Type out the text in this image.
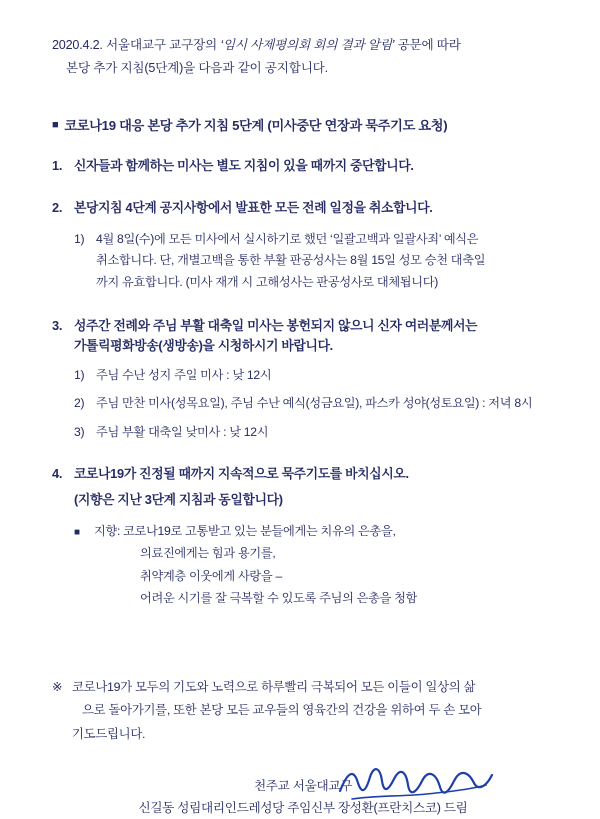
2020.4.2. 서울대교구 교구장의 ‘임시 사제평의회 회의 결과 알림’ 공문에 따라
본당 추가 지침(5단계)을 다음과 같이 공지합니다.
■ 코로나19 대응 본당 추가 지침 5단계 (미사중단 연장과 묵주기도 요청)
1. 신자들과 함께하는 미사는 별도 지침이 있을 때까지 중단합니다.
2. 본당지침 4단계 공지사항에서 발표한 모든 전례 일정을 취소합니다.
1) 4월 8일(수)에 모든 미사에서 실시하기로 했던 ‘일괄고백과 일괄사죄’ 예식은
취소합니다. 단, 개별고백을 통한 부활 판공성사는 8월 15일 성모 승천 대축일
까지 유효합니다. (미사 재개 시 고해성사는 판공성사로 대체됩니다)
3. 성주간 전례와 주님 부활 대축일 미사는 봉헌되지 않으니 신자 여러분께서는
가톨릭평화방송(생방송)을 시청하시기 바랍니다.
1) 주님 수난 성지 주일 미사 : 낮 12시
2) 주님 만찬 미사(성목요일), 주님 수난 예식(성금요일), 파스카 성야(성토요일) : 저녁 8시
3) 주님 부활 대축일 낮미사 : 낮 12시
4. 코로나19가 진정될 때까지 지속적으로 묵주기도를 바치십시오.
(지향은 지난 3단계 지침과 동일합니다)
■	지향: 코로나19로 고통받고 있는 분들에게는 치유의 은총을,
의료진에게는 힘과 용기를,
취약계층 이웃에게 사랑을 –
어려운 시기를 잘 극복할 수 있도록 주님의 은총을 청함
※ 코로나19가 모두의 기도와 노력으로 하루빨리 극복되어 모든 이들이 일상의 삶
으로 돌아가기를, 또한 본당 모든 교우들의 영육간의 건강을 위하여 두 손 모아
기도드립니다.
천주교 서울대교구
신길동 성림대리인드레성당 주임신부 장성환(프란치스코) 드림
